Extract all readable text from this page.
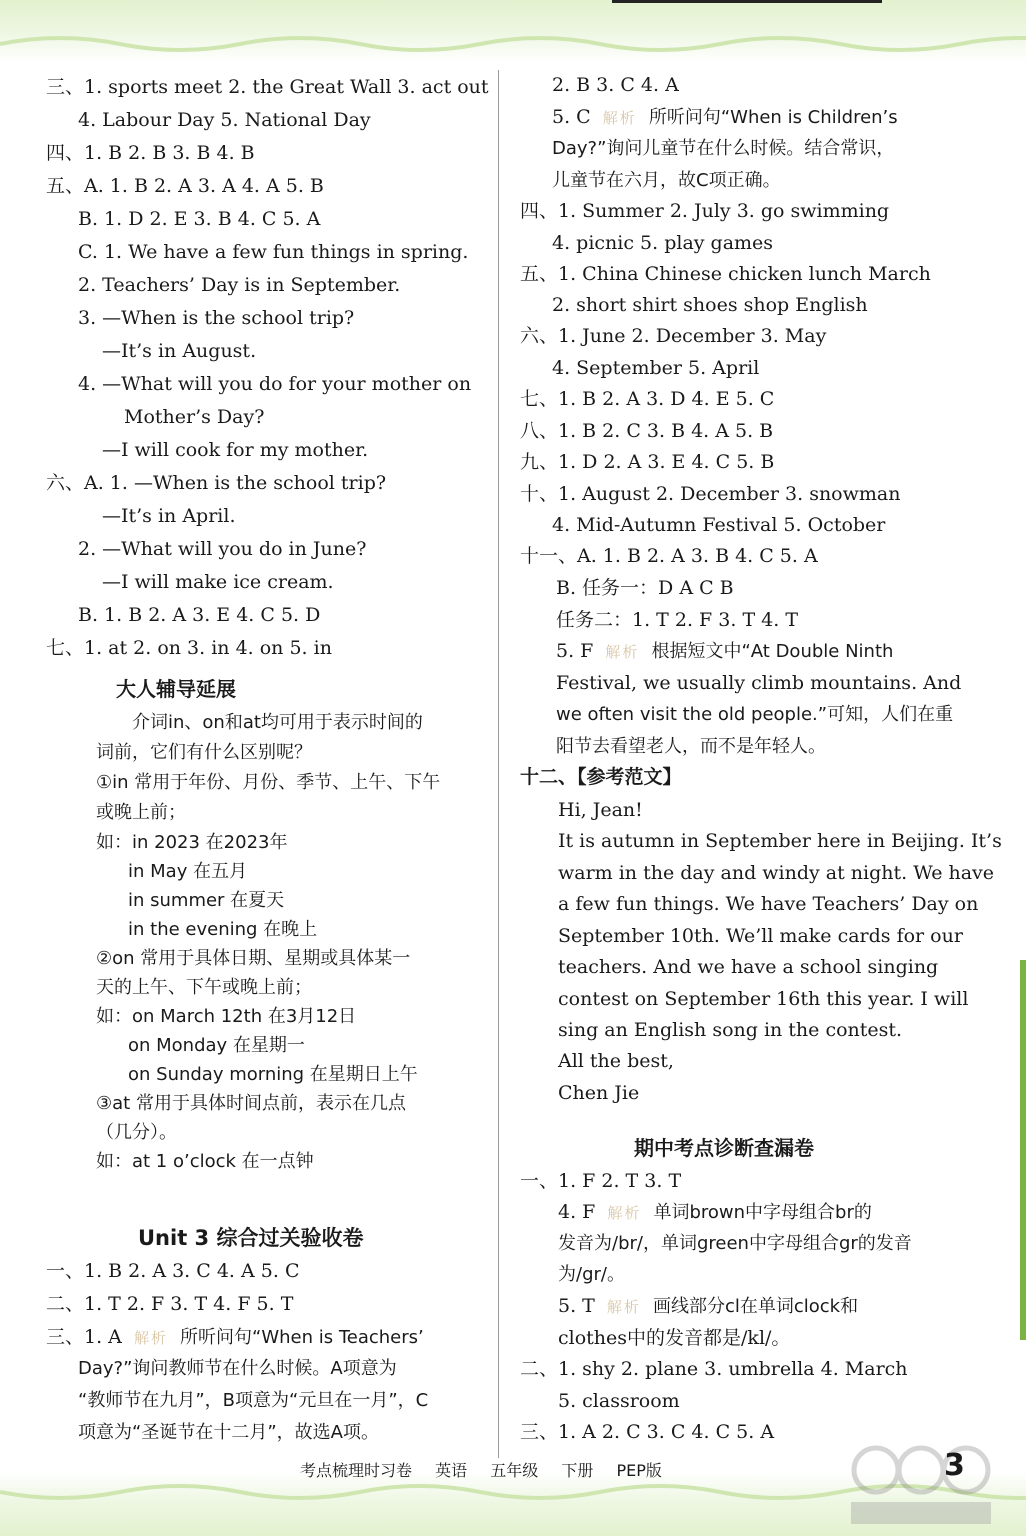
三、1. sports meet 2. the Great Wall 3. act out
4. Labour Day 5. National Day
四、1. B 2. B 3. B 4. B
五、A. 1. B 2. A 3. A 4. A 5. B
B. 1. D 2. E 3. B 4. C 5. A
C. 1. We have a few fun things in spring.
2. Teachers’ Day is in September.
3. —When is the school trip?
—It’s in August.
4. —What will you do for your mother on
Mother’s Day?
—I will cook for my mother.
六、A. 1. —When is the school trip?
—It’s in April.
2. —What will you do in June?
—I will make ice cream.
B. 1. B 2. A 3. E 4. C 5. D
七、1. at 2. on 3. in 4. on 5. in
大人辅导延展
介词in、on和at均可用于表示时间的
词前，它们有什么区别呢？
①in 常用于年份、月份、季节、上午、下午
或晚上前；
如：in 2023 在2023年
in May 在五月
in summer 在夏天
in the evening 在晚上
②on 常用于具体日期、星期或具体某一
天的上午、下午或晚上前；
如：on March 12th 在3月12日
on Monday 在星期一
on Sunday morning 在星期日上午
③at 常用于具体时间点前，表示在几点
（几分）。
如：at 1 o’clock 在一点钟
Unit 3 综合过关验收卷
一、1. B 2. A 3. C 4. A 5. C
二、1. T 2. F 3. T 4. F 5. T
三、1. A 解析 所听问句“When is Teachers’
Day?”询问教师节在什么时候。A项意为
“教师节在九月”，B项意为“元旦在一月”，C
项意为“圣诞节在十二月”，故选A项。
2. B 3. C 4. A
5. C 解析 所听问句“When is Children’s
Day?”询问儿童节在什么时候。结合常识，
儿童节在六月，故C项正确。
四、1. Summer 2. July 3. go swimming
4. picnic 5. play games
五、1. China Chinese chicken lunch March
2. short shirt shoes shop English
六、1. June 2. December 3. May
4. September 5. April
七、1. B 2. A 3. D 4. E 5. C
八、1. B 2. C 3. B 4. A 5. B
九、1. D 2. A 3. E 4. C 5. B
十、1. August 2. December 3. snowman
4. Mid-Autumn Festival 5. October
十一、A. 1. B 2. A 3. B 4. C 5. A
B. 任务一：D A C B
任务二：1. T 2. F 3. T 4. T
5. F 解析 根据短文中“At Double Ninth
Festival, we usually climb mountains. And
we often visit the old people.”可知，人们在重
阳节去看望老人，而不是年轻人。
十二、【参考范文】
Hi, Jean!
It is autumn in September here in Beijing. It’s
warm in the day and windy at night. We have
a few fun things. We have Teachers’ Day on
September 10th. We’ll make cards for our
teachers. And we have a school singing
contest on September 16th this year. I will
sing an English song in the contest.
All the best,
Chen Jie
期中考点诊断查漏卷
一、1. F 2. T 3. T
4. F 解析 单词brown中字母组合br的
发音为/br/，单词green中字母组合gr的发音
为/gr/。
5. T 解析 画线部分cl在单词clock和
clothes中的发音都是/kl/。
二、1. shy 2. plane 3. umbrella 4. March
5. classroom
三、1. A 2. C 3. C 4. C 5. A
考点梳理时习卷 英语 五年级 下册 PEP版	3
